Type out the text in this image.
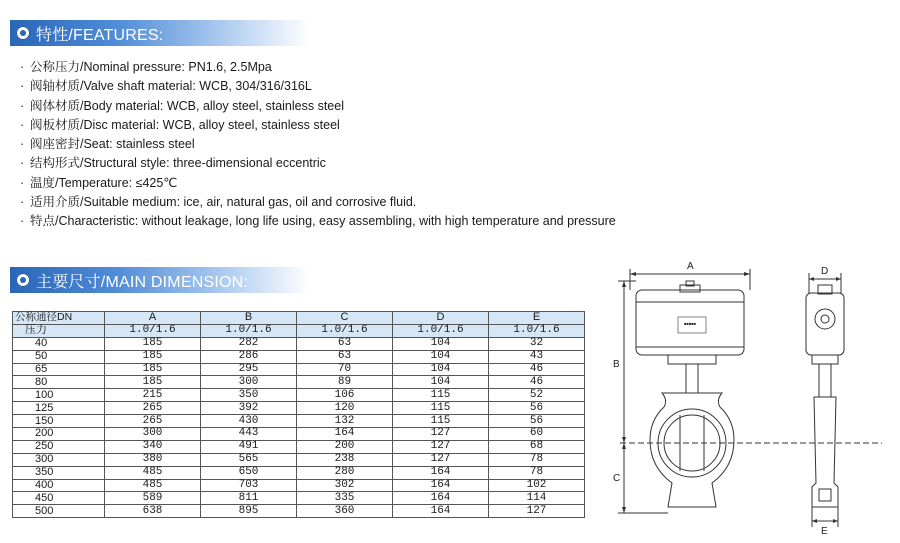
特性/FEATURES:
· 公称压力/Nominal pressure: PN1.6, 2.5Mpa
· 阀轴材质/Valve shaft material: WCB, 304/316/316L
· 阀体材质/Body material: WCB, alloy steel, stainless steel
· 阀板材质/Disc material: WCB, alloy steel, stainless steel
· 阀座密封/Seat: stainless steel
· 结构形式/Structural style: three-dimensional eccentric
· 温度/Temperature: ≤425℃
· 适用介质/Suitable medium: ice, air, natural gas, oil and corrosive fluid.
· 特点/Characteristic: without leakage, long life using, easy assembling, with high temperature and pressure
主要尺寸/MAIN DIMENSION:
公称通径DN	A	B	C	D	E
压力	1.0/1.6	1.0/1.6	1.0/1.6	1.0/1.6	1.0/1.6
40	185	282	63	104	32
50	185	286	63	104	43
65	185	295	70	104	46
80	185	300	89	104	46
100	215	350	106	115	52
125	265	392	120	115	56
150	265	430	132	115	56
200	300	443	164	127	60
250	340	491	200	127	68
300	380	565	238	127	78
350	485	650	280	164	78
400	485	703	302	164	102
450	589	811	335	164	114
500	638	895	360	164	127
A
B
C
D
E
■■■■■
